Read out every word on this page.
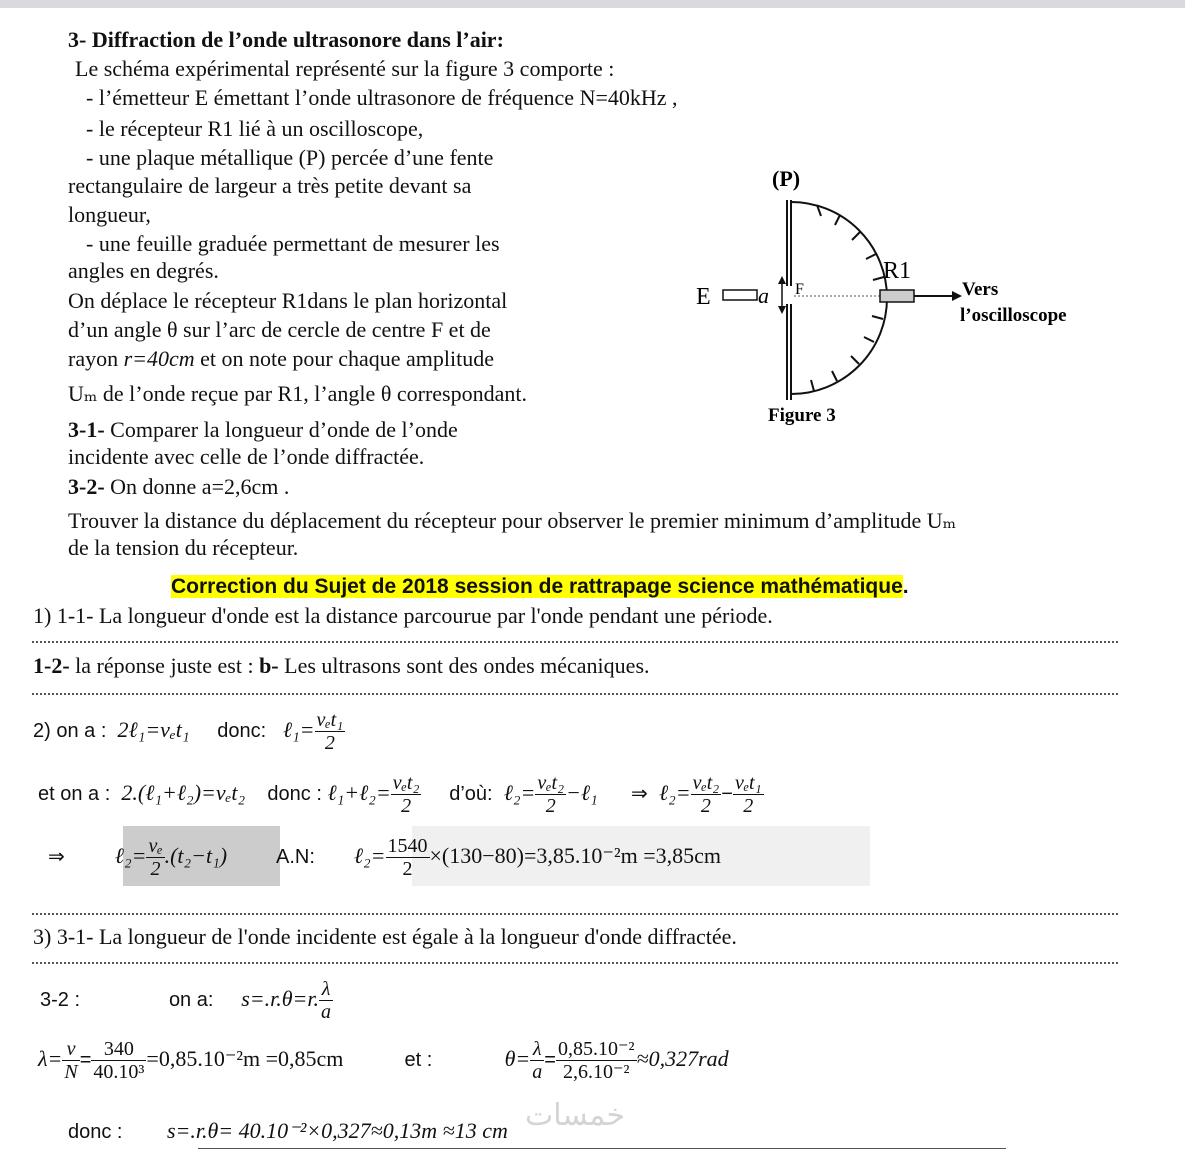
3- Diffraction de l’onde ultrasonore dans l’air:
Le schéma expérimental représenté sur la figure 3 comporte :
- l’émetteur E émettant l’onde ultrasonore de fréquence N=40kHz ,
- le récepteur R1 lié à un oscilloscope,
- une plaque métallique (P) percée d’une fente
rectangulaire de largeur a très petite devant sa
longueur,
- une feuille graduée permettant de mesurer les
angles en degrés.
On déplace le récepteur R1dans le plan horizontal
d’un angle θ sur l’arc de cercle de centre F et de
rayon r=40cm et on note pour chaque amplitude
Uₘ de l’onde reçue par R1, l’angle θ correspondant.
3-1- Comparer la longueur d’onde de l’onde
incidente avec celle de l’onde diffractée.
3-2- On donne a=2,6cm .
Trouver la distance du déplacement du récepteur pour observer le premier minimum d’amplitude Uₘ
de la tension du récepteur.
(P)
E a F
R1
Vers
l’oscilloscope
Figure 3
Correction du Sujet de 2018 session de rattrapage science mathématique.
1) 1-1- La longueur d'onde est la distance parcourue par l'onde pendant une période.
1-2- la réponse juste est : b- Les ultrasons sont des ondes mécaniques.
2) on a : 2ℓ₁=vₑt₁ donc: ℓ₁= $\frac{\text{vₑt₁}}{2}$
et on a : 2.(ℓ₁+ℓ₂)=vₑt₂ donc : ℓ₁+ℓ₂= $\frac{\text{vₑt₂}}{2}$ d’où: ℓ₂= $\frac{\text{vₑt₂}}{2}$ −ℓ₁ ⇒ ℓ₂= $\frac{\text{vₑt₂}}{2} - \frac{\text{vₑt₁}}{2}$
⇒ ℓ₂= $\frac{\text{vₑ}}{2} .(t_2-t_1)$ A.N: ℓ₂= $\frac{1540}{2} \times(130-80)=3,85.10^{-2}m =3,85cm$
3) 3-1- La longueur de l'onde incidente est égale à la longueur d'onde diffractée.
3-2 :	on a: s=.r.θ=r. $\frac{\lambda}{a}$
$\lambda= \frac{v}{N} = \frac{340}{\text{40.10³}} =0,85.10^{-2}m =0,85cm$	et :	$\theta= \frac{\lambda}{a} = \frac{\text{0,85.10⁻²}}{\text{2,6.10⁻²}} \approx 0,327rad$
donc : s=.r.θ= 40.10⁻²×0,327≈0,13m ≈13 cm خمسات
